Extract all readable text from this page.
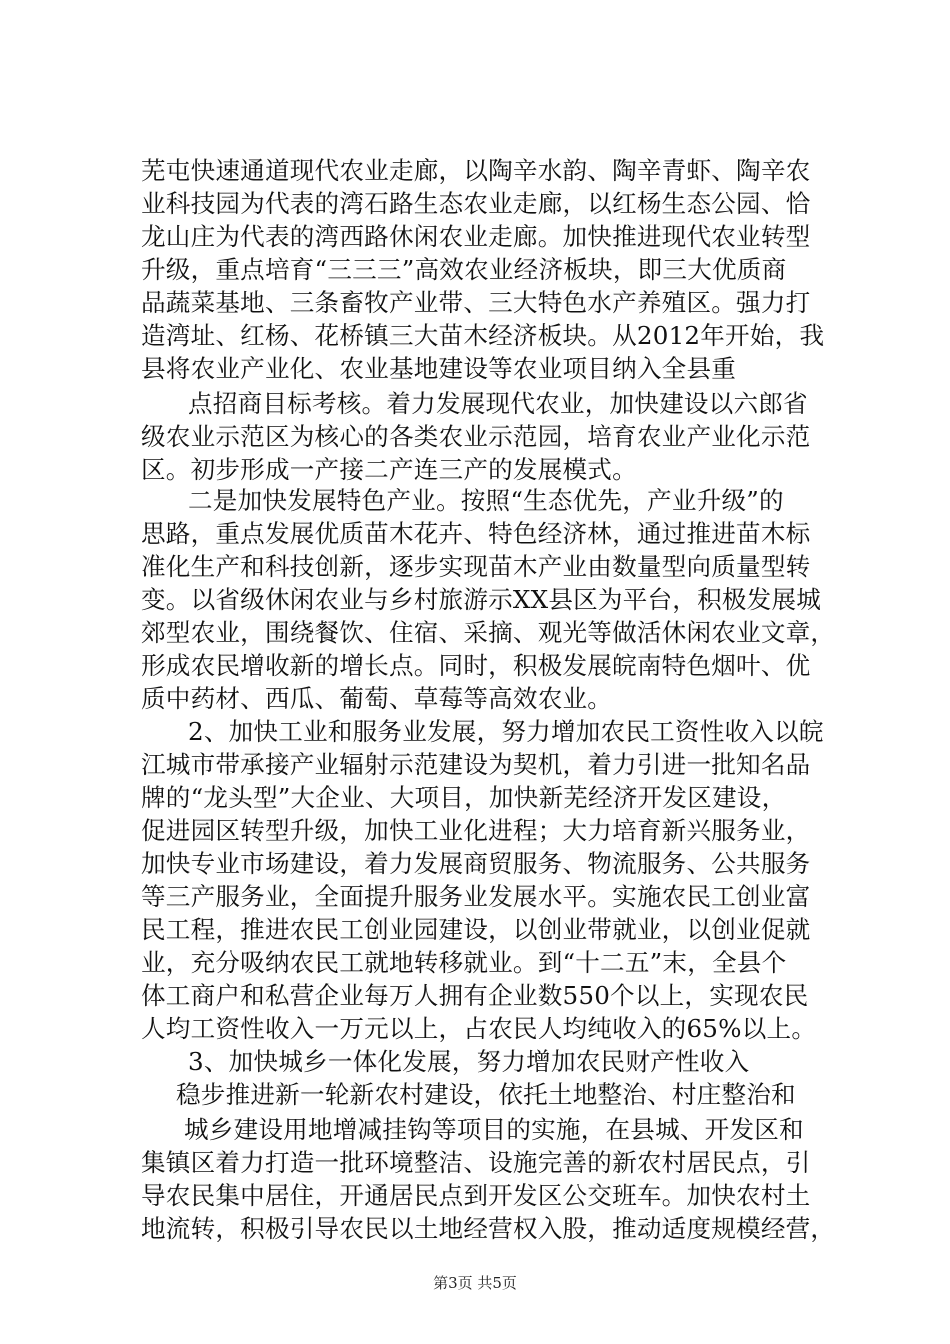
芜屯快速通道现代农业走廊，以陶辛水韵、陶辛青虾、陶辛农
业科技园为代表的湾石路生态农业走廊，以红杨生态公园、恰
龙山庄为代表的湾西路休闲农业走廊。加快推进现代农业转型
升级，重点培育“三三三”高效农业经济板块，即三大优质商
品蔬菜基地、三条畜牧产业带、三大特色水产养殖区。强力打
造湾址、红杨、花桥镇三大苗木经济板块。从2012年开始，我
县将农业产业化、农业基地建设等农业项目纳入全县重
点招商目标考核。着力发展现代农业，加快建设以六郎省
级农业示范区为核心的各类农业示范园，培育农业产业化示范
区。初步形成一产接二产连三产的发展模式。
二是加快发展特色产业。按照“生态优先，产业升级”的
思路，重点发展优质苗木花卉、特色经济林，通过推进苗木标
准化生产和科技创新，逐步实现苗木产业由数量型向质量型转
变。以省级休闲农业与乡村旅游示XX县区为平台，积极发展城
郊型农业，围绕餐饮、住宿、采摘、观光等做活休闲农业文章，
形成农民增收新的增长点。同时，积极发展皖南特色烟叶、优
质中药材、西瓜、葡萄、草莓等高效农业。
2、加快工业和服务业发展，努力增加农民工资性收入以皖
江城市带承接产业辐射示范建设为契机，着力引进一批知名品
牌的“龙头型”大企业、大项目，加快新芜经济开发区建设，
促进园区转型升级，加快工业化进程；大力培育新兴服务业，
加快专业市场建设，着力发展商贸服务、物流服务、公共服务
等三产服务业，全面提升服务业发展水平。实施农民工创业富
民工程，推进农民工创业园建设，以创业带就业，以创业促就
业，充分吸纳农民工就地转移就业。到“十二五”末，全县个
体工商户和私营企业每万人拥有企业数550个以上，实现农民
人均工资性收入一万元以上，占农民人均纯收入的65%以上。
3、加快城乡一体化发展，努力增加农民财产性收入
稳步推进新一轮新农村建设，依托土地整治、村庄整治和
城乡建设用地增减挂钩等项目的实施，在县城、开发区和
集镇区着力打造一批环境整洁、设施完善的新农村居民点，引
导农民集中居住，开通居民点到开发区公交班车。加快农村土
地流转，积极引导农民以土地经营权入股，推动适度规模经营，
第3页 共5页
